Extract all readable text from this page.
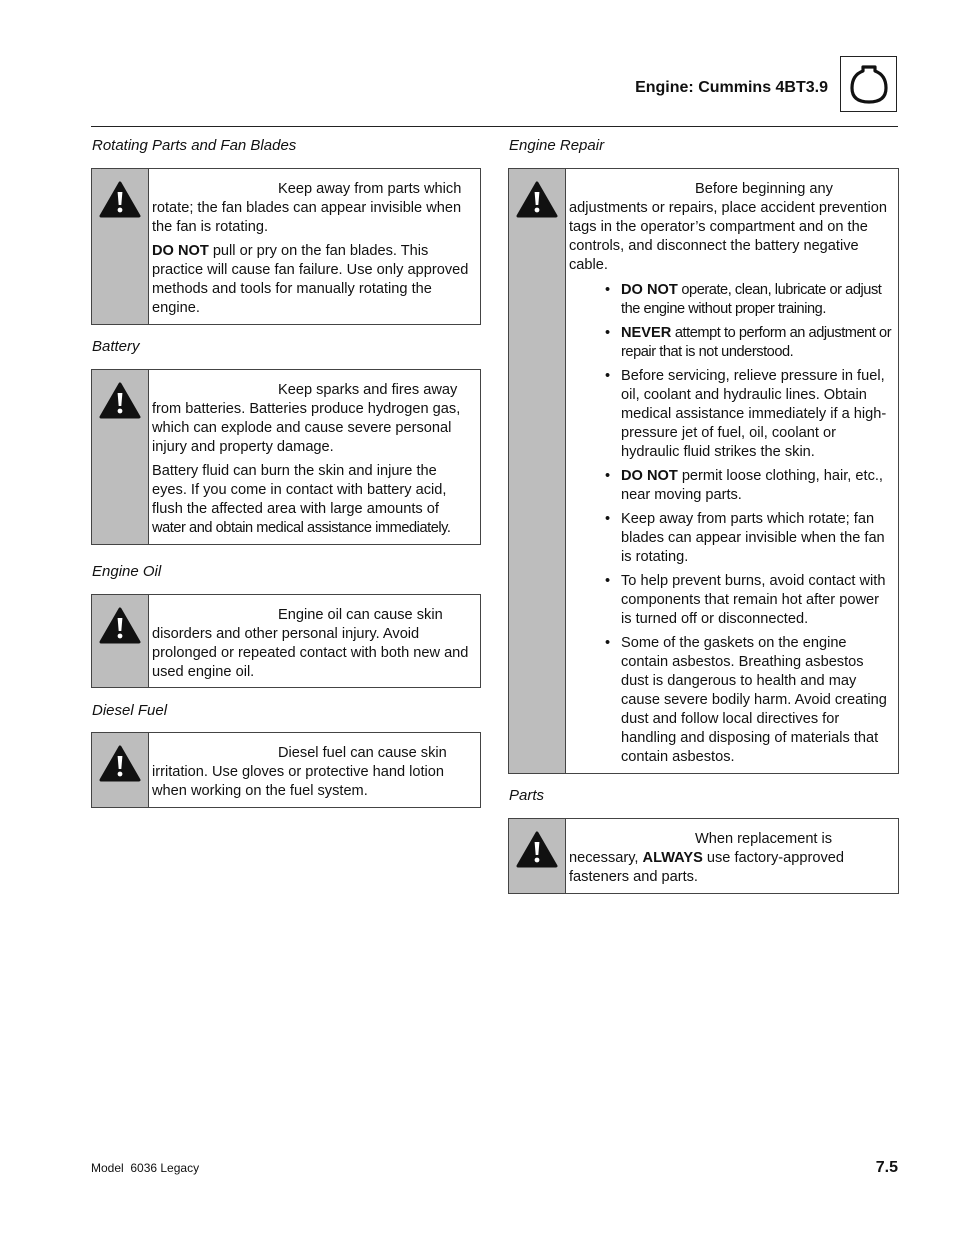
Engine: Cummins 4BT3.9
Rotating Parts and Fan Blades

Keep away from parts which rotate; the fan blades can appear invisible when the fan is rotating.

DO NOT pull or pry on the fan blades. This practice will cause fan failure. Use only approved methods and tools for manually rotating the engine.

Battery

Keep sparks and fires away from batteries. Batteries produce hydrogen gas, which can explode and cause severe personal injury and property damage.

Battery fluid can burn the skin and injure the eyes. If you come in contact with battery acid, flush the affected area with large amounts of water and obtain medical assistance immediately.

Engine Oil

Engine oil can cause skin disorders and other personal injury. Avoid prolonged or repeated contact with both new and used engine oil.

Diesel Fuel

Diesel fuel can cause skin irritation. Use gloves or protective hand lotion when working on the fuel system.

Engine Repair

Before beginning any adjustments or repairs, place accident prevention tags in the operator’s compartment and on the controls, and disconnect the battery negative cable.

• DO NOT operate, clean, lubricate or adjust the engine without proper training.
• NEVER attempt to perform an adjustment or repair that is not understood.
• Before servicing, relieve pressure in fuel, oil, coolant and hydraulic lines. Obtain medical assistance immediately if a high-pressure jet of fuel, oil, coolant or hydraulic fluid strikes the skin.
• DO NOT permit loose clothing, hair, etc., near moving parts.
• Keep away from parts which rotate; fan blades can appear invisible when the fan is rotating.
• To help prevent burns, avoid contact with components that remain hot after power is turned off or disconnected.
• Some of the gaskets on the engine contain asbestos. Breathing asbestos dust is dangerous to health and may cause severe bodily harm. Avoid creating dust and follow local directives for handling and disposing of materials that contain asbestos.
Parts

When replacement is necessary, ALWAYS use factory-approved fasteners and parts.

Model  6036 Legacy	7.5
